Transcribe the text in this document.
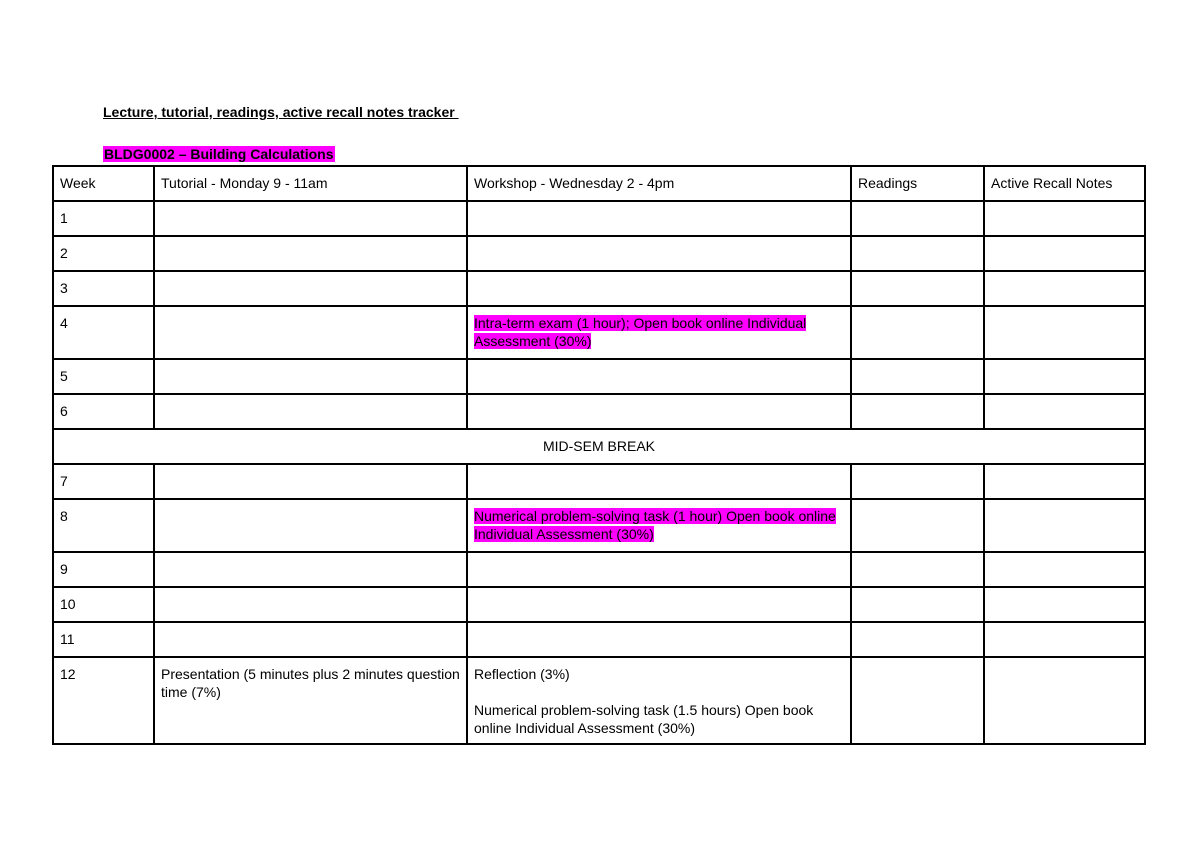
Lecture, tutorial, readings, active recall notes tracker
BLDG0002 – Building Calculations
Week	Tutorial - Monday 9 - 11am	Workshop - Wednesday 2 - 4pm	Readings	Active Recall Notes
1				
2				
3				
4		Intra-term exam (1 hour); Open book online Individual Assessment (30%)		
5				
6				
MID-SEM BREAK				
7				
8		Numerical problem-solving task (1 hour) Open book online Individual Assessment (30%)		
9				
10				
11				
12	Presentation (5 minutes plus 2 minutes question time (7%)	Reflection (3%)
Numerical problem-solving task (1.5 hours) Open book online Individual Assessment (30%)		
